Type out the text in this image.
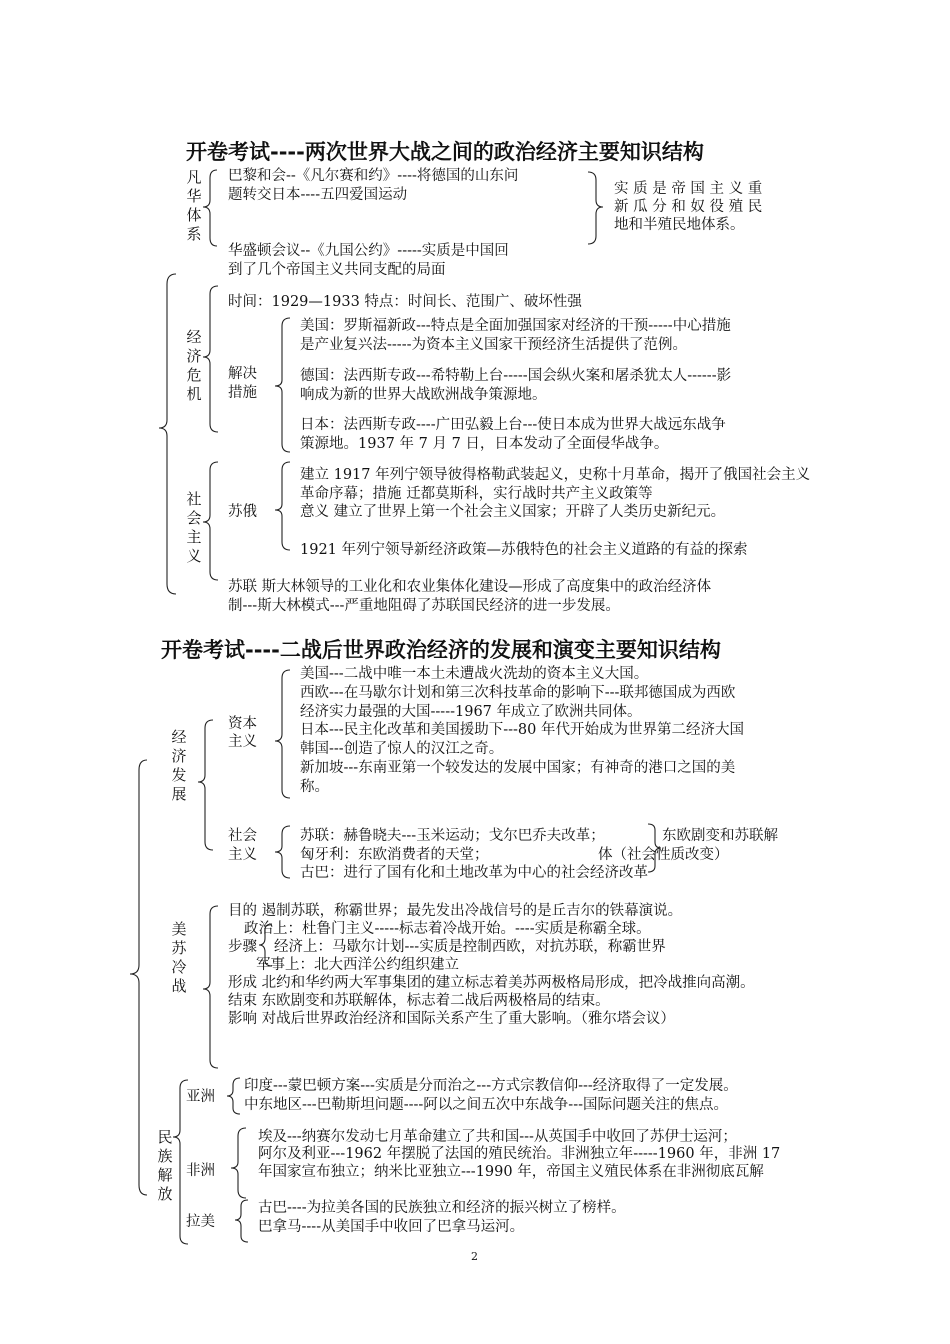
开卷考试----两次世界大战之间的政治经济主要知识结构
凡华体系
巴黎和会--《凡尔赛和约》----将德国的山东问
题转交日本----五四爱国运动	实 质 是 帝 国 主 义 重
新 瓜 分 和 奴 役 殖 民
地和半殖民地体系。
华盛顿会议--《九国公约》-----实质是中国回
到了几个帝国主义共同支配的局面
经济危机
时间：1929—1933 特点：时间长、范围广、破坏性强
解决
措施
美国：罗斯福新政---特点是全面加强国家对经济的干预-----中心措施
是产业复兴法-----为资本主义国家干预经济生活提供了范例。
德国：法西斯专政---希特勒上台-----国会纵火案和屠杀犹太人------影
响成为新的世界大战欧洲战争策源地。
日本：法西斯专政----广田弘毅上台---使日本成为世界大战远东战争
策源地。1937 年 7 月 7 日，日本发动了全面侵华战争。
社会主义
苏俄
建立 1917 年列宁领导彼得格勒武装起义，史称十月革命，揭开了俄国社会主义
革命序幕；措施 迁都莫斯科，实行战时共产主义政策等
意义 建立了世界上第一个社会主义国家；开辟了人类历史新纪元。
1921 年列宁领导新经济政策—苏俄特色的社会主义道路的有益的探索
苏联 斯大林领导的工业化和农业集体化建设—形成了高度集中的政治经济体
制---斯大林模式---严重地阻碍了苏联国民经济的进一步发展。
开卷考试----二战后世界政治经济的发展和演变主要知识结构
经济发展
资本
主义
美国---二战中唯一本土未遭战火洗劫的资本主义大国。
西欧---在马歇尔计划和第三次科技革命的影响下---联邦德国成为西欧
经济实力最强的大国-----1967 年成立了欧洲共同体。
日本---民主化改革和美国援助下---80 年代开始成为世界第二经济大国
韩国---创造了惊人的汉江之奇。
新加坡---东南亚第一个较发达的发展中国家；有神奇的港口之国的美
称。
社会
主义
苏联：赫鲁晓夫---玉米运动；戈尔巴乔夫改革；
匈牙利：东欧消费者的天堂；
古巴：进行了国有化和土地改革为中心的社会经济改革
东欧剧变和苏联解
体（社会性质改变）
美苏冷战
目的 遏制苏联，称霸世界；最先发出冷战信号的是丘吉尔的铁幕演说。
政治上：杜鲁门主义-----标志着冷战开始。----实质是称霸全球。
步骤 经济上：马歇尔计划---实质是控制西欧，对抗苏联，称霸世界
军事上：北大西洋公约组织建立
形成 北约和华约两大军事集团的建立标志着美苏两极格局形成，把冷战推向高潮。
结束 东欧剧变和苏联解体，标志着二战后两极格局的结束。
影响 对战后世界政治经济和国际关系产生了重大影响。（雅尔塔会议）
民族解放
亚洲
印度---蒙巴顿方案---实质是分而治之---方式宗教信仰---经济取得了一定发展。
中东地区---巴勒斯坦问题----阿以之间五次中东战争---国际问题关注的焦点。
非洲
埃及---纳赛尔发动七月革命建立了共和国---从英国手中收回了苏伊士运河；
阿尔及利亚---1962 年摆脱了法国的殖民统治。非洲独立年-----1960 年，非洲 17
年国家宣布独立；纳米比亚独立---1990 年，帝国主义殖民体系在非洲彻底瓦解
拉美
古巴----为拉美各国的民族独立和经济的振兴树立了榜样。
巴拿马----从美国手中收回了巴拿马运河。
2
